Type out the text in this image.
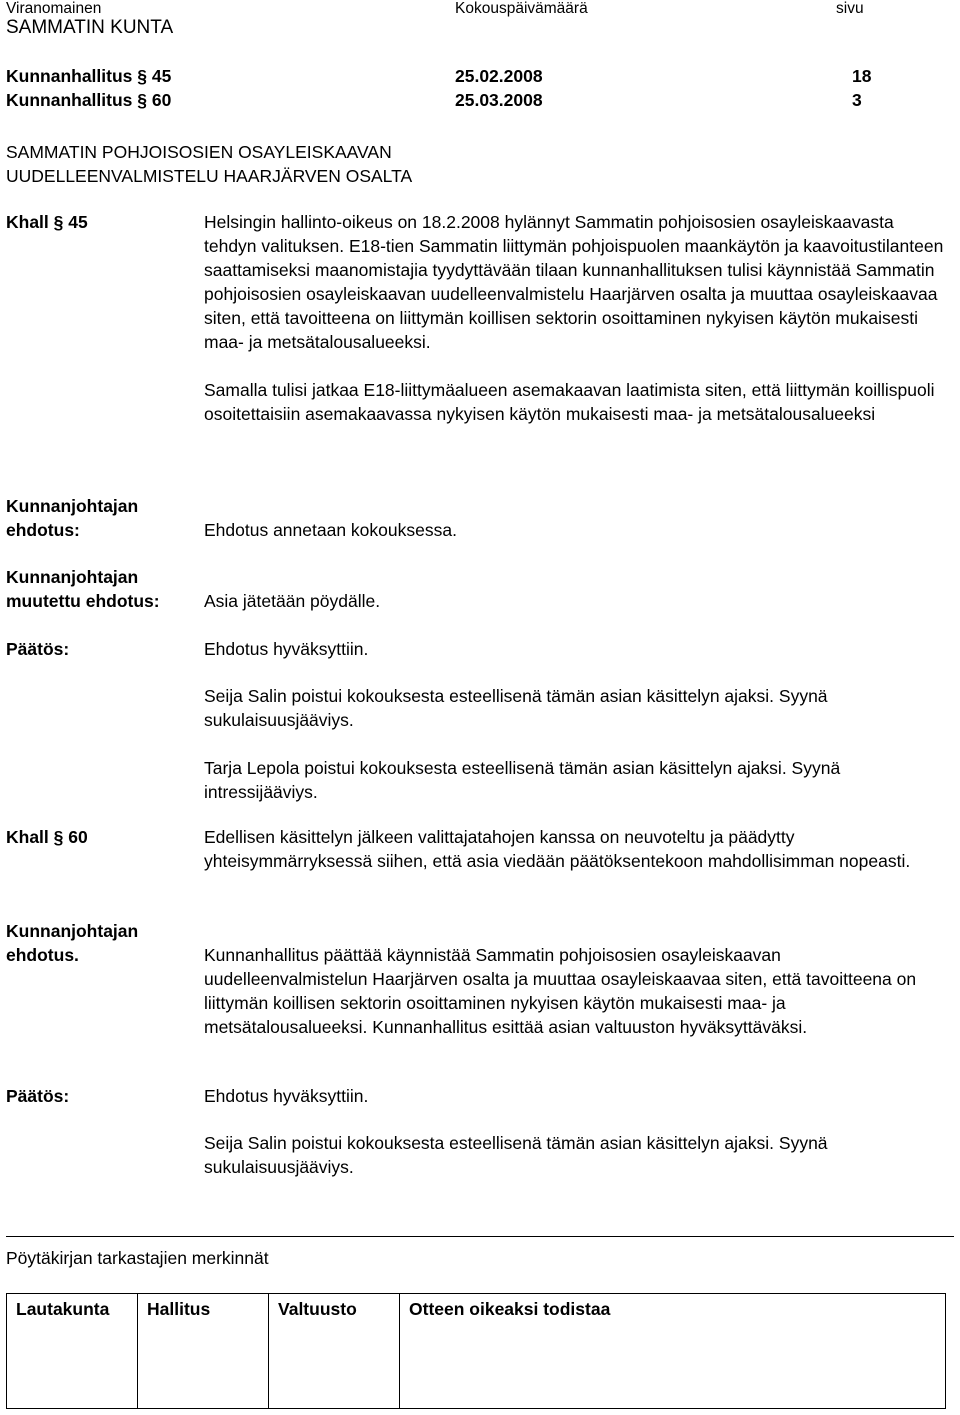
Viranomainen	Kokouspäivämäärä	sivu
SAMMATIN KUNTA
Kunnanhallitus § 45	25.02.2008	18
Kunnanhallitus § 60	25.03.2008	3
SAMMATIN POHJOISOSIEN OSAYLEISKAAVAN
UUDELLEENVALMISTELU HAARJÄRVEN OSALTA
Khall § 45	Helsingin hallinto-oikeus on 18.2.2008 hylännyt Sammatin pohjoisosien osayleiskaavasta tehdyn valituksen. E18-tien Sammatin liittymän pohjoispuolen maankäytön ja kaavoitustilanteen saattamiseksi maanomistajia tyydyttävään tilaan kunnanhallituksen tulisi käynnistää Sammatin pohjoisosien osayleiskaavan uudelleenvalmistelu Haarjärven osalta ja muuttaa osayleiskaavaa siten, että tavoitteena on liittymän koillisen sektorin osoittaminen nykyisen käytön mukaisesti maa- ja metsätalousalueeksi.

Samalla tulisi jatkaa E18-liittymäalueen asemakaavan laatimista siten, että liittymän koillispuoli osoitettaisiin asemakaavassa nykyisen käytön mukaisesti maa- ja metsätalousalueeksi

Kunnanjohtajan
ehdotus:	Ehdotus annetaan kokouksessa.
Kunnanjohtajan
muutettu ehdotus:	Asia jätetään pöydälle.
Päätös:	Ehdotus hyväksyttiin.

Seija Salin poistui kokouksesta esteellisenä tämän asian käsittelyn ajaksi. Syynä sukulaisuusjääviys.

Tarja Lepola poistui kokouksesta esteellisenä tämän asian käsittelyn ajaksi. Syynä intressijääviys.

Khall § 60	Edellisen käsittelyn jälkeen valittajatahojen kanssa on neuvoteltu ja päädytty yhteisymmärryksessä siihen, että asia viedään päätöksentekoon mahdollisimman nopeasti.
Kunnanjohtajan
ehdotus.	Kunnanhallitus päättää käynnistää Sammatin pohjoisosien osayleiskaavan uudelleenvalmistelun Haarjärven osalta ja muuttaa osayleiskaavaa siten, että tavoitteena on liittymän koillisen sektorin osoittaminen nykyisen käytön mukaisesti maa- ja metsätalousalueeksi. Kunnanhallitus esittää asian valtuuston hyväksyttäväksi.
Päätös:	Ehdotus hyväksyttiin.
Seija Salin poistui kokouksesta esteellisenä tämän asian käsittelyn ajaksi. Syynä sukulaisuusjääviys.
Pöytäkirjan tarkastajien merkinnät
Lautakunta	Hallitus	Valtuusto	Otteen oikeaksi todistaa
